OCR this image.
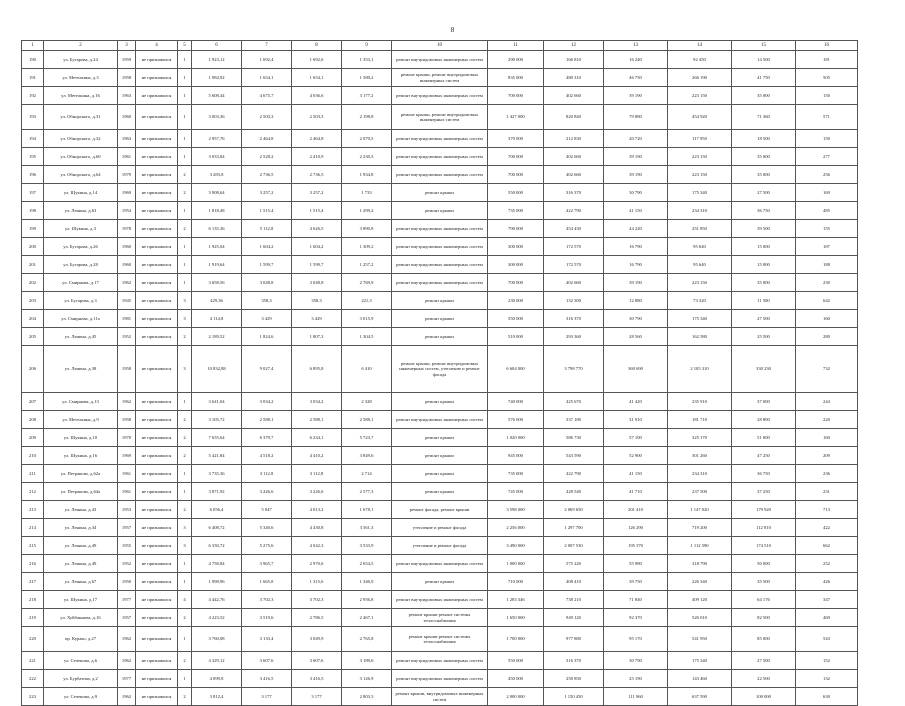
8
1	2	3	4	5	6	7	8	9	10	11	12	13	14	15	16
190	ул. Бугарова, д.24	1959	не признавался	1	1 923,12	1 692,4	1 692,6	1 353,1	ремонт внутридомовых инженерных систем	290 000	166 810	16 240	92 450	14 500	181
191	ул. Метелкина, д.3	1958	не признавался	1	1 984,92	1 654,1	1 654,1	1 580,2	ремонт крыши, ремонт внутридомовых инженерных систем	835 000	480 310	46 750	266 190	41 750	505
192	ул. Метелкина, д.16	1963	не признавался	1	5 608,44	4 675,7	4 036,6	3 177,2	ремонт внутридомовых инженерных систем	700 000	402 660	39 190	223 150	35 000	150
193	ул. Обнорского, д.31	1960	не признавался	1	3 003,36	2 503,3	2 503,3	2 198,8	ремонт крыши, ремонт внутридомовых инженерных систем	1 427 000	820 840	79 880	454 920	71 360	571
194	ул. Обнорского, д.32	1963	не признавался	1	2 957,76	2 464,8	2 464,8	2 070,5	ремонт внутридомовых инженерных систем	370 000	212 830	20 720	117 950	18 500	150
195	ул. Обнорского, д.60	1961	не признавался	1	3 033,84	2 528,2	2 410,9	2 230,3	ремонт внутридомовых инженерных систем	700 000	402 660	39 190	223 150	35 000	277
196	ул. Обнорского, д.64	1979	не признавался	2	3 283,8	2 736,5	2 736,5	1 934,8	ремонт внутридомовых инженерных систем	700 000	402 660	39 190	223 150	35 000	256
197	ул. Щукина, д.14	1969	не признавался	2	3 908,64	3 257,2	3 257,2	1 733	ремонт крыши	550 000	316 370	30 790	175 340	27 500	169
198	ул. Ленина, д.63	1954	не признавался	1	1 818,48	1 515,4	1 515,4	1 299,2	ремонт крыши	735 000	422 790	41 150	234 310	36 750	485
199	ул. Шукина, д.3	1978	не признавался	2	6 135,36	5 112,8	4 626,5	3 890,8	ремонт внутридомовых инженерных систем	790 000	454 430	44 220	251 850	39 500	155
200	ул. Бугарова, д.26	1960	не признавался	1	1 925,04	1 604,2	1 604,2	1 309,2	ремонт внутридомовых инженерных систем	300 000	172 570	16 790	95 640	15 000	187
201	ул. Бугарова, д.28	1960	не признавался	1	1 919,64	1 599,7	1 599,7	1 257,2	ремонт внутридомовых инженерных систем	300 000	172 570	16 790	95 640	15 000	188
202	ул. Смирнова, д.17	1962	не признавался	1	3 658,56	3 048,8	3 048,8	2 769,9	ремонт внутридомовых инженерных систем	700 000	402 660	39 190	223 150	35 000	230
203	ул. Бугарова, д.3	1945	не признавался	3	429,36	358,3	358,3	221,3	ремонт крыши	230 000	132 300	12 880	73 320	11 500	642
204	ул. Смирнова, д.11а	1981	не признавался	3	4 114,8	3 429	3 429	3 015,9	ремонт крыши	550 000	316 370	30 790	175 340	27 500	160
205	ул. Ленина, д.45	1952	не признавался	2	2 189,52	1 824,6	1 807,3	1 304,5	ремонт крыши	510 000	293 360	28 560	162 580	25 500	280
206	ул. Ленина, д.38	1958	не признавался	3	10 832,88	9 027,4	6 895,8	6 410	ремонт крыши, ремонт внутридомовых инженерных систем, утепление и ремонт фасада	6 604 000	3 798 770	369 690	2 105 310	330 230	732
207	ул. Смирнова, д.13	1962	не признавался	1	3 641,04	3 034,2	3 034,2	2 328	ремонт крыши	740 000	425 670	41 420	235 910	37 000	244
208	ул. Метелкина, д.9	1958	не признавался	2	3 105,72	2 588,1	2 588,1	2 588,1	ремонт внутридомовых инженерных систем	576 000	337 180	31 910	181 710	28 800	220
209	ул. Шукина, д.10	1970	не признавался	2	7 655,64	6 379,7	6 234,1	5 723,7	ремонт крыши	1 020 000	586 730	57 100	325 170	51 000	160
210	ул. Шукина, д.16	1969	не признавался	2	5 421,84	4 518,2	4 410,2	3 849,6	ремонт крыши	945 000	543 590	52 900	301 260	47 250	209
211	ул. Петракова, д.62а	1961	не признавался	1	3 735,36	3 112,8	3 112,8	2 714	ремонт крыши	735 000	422 790	41 150	234 310	36 750	236
212	ул. Петракова, д.64а	1961	не признавался	1	3 871,92	3 226,6	3 226,6	2 577,3	ремонт крыши	745 000	428 540	41 710	237 500	37 250	231
213	ул. Ленина, д.43	1953	не признавался	2	6 056,4	5 047	4 013,2	1 678,1	ремонт фасада, ремонт крыши	3 598 000	2 069 650	201 410	1 147 020	179 920	713
214	ул. Ленина, д.34	1957	не признавался	3	6 408,72	5 340,6	4 430,8	3 561,3	утепление и ремонт фасада	2 256 000	1 297 700	126 290	719 200	112 810	422
215	ул. Ленина, д.49	1955	не признавался	3	6 330,72	5 275,6	4 042,3	3 533,9	утепление и ремонт фасада	3 490 000	2 007 530	195 370	1 112 590	174 510	662
216	ул. Ленина, д.49	1952	не признавался	1	4 758,84	3 965,7	2 970,6	2 654,5	ремонт внутридомовых инженерных систем	1 000 000	575 220	55 980	318 790	50 000	252
217	ул. Ленина, д.67	1950	не признавался	1	1 998,96	1 665,8	1 315,6	1 346,9	ремонт крыши	710 000	408 410	39 750	226 340	35 500	426
218	ул. Шукина, д.17	1977	не признавался	4	4 442,76	3 702,3	3 702,3	2 956,8	ремонт внутридомовых инженерных систем	1 283 346	738 210	71 840	409 120	64 176	347
219	ул. Хуйбаннова, д.16	1957	не признавался	2	4 223,52	3 519,6	2 786,5	2 467,1	ремонт крыши ремонт системы теплоснабжения	1 650 000	949 120	92 370	526 010	82 500	469
220	пр. Курако, д.27	1962	не признавался	1	3 760,08	3 133,4	3 049,9	2 765,8	ремонт крыши ремонт системы теплоснабжения	1 700 000	977 880	95 170	541 950	85 000	543
221	ул. Сеченова, д.6	1962	не признавался	2	4 329,12	3 607,6	3 607,6	3 189,6	ремонт внутридомовых инженерных систем	550 000	316 370	30 790	175 340	27 500	152
222	ул. Бурбатова, д.2	1977	не признавался	1	4 099,8	3 416,5	3 416,5	3 126,9	ремонт внутридомовых инженерных систем	450 000	258 850	25 190	143 460	22 500	132
223	ул. Сеченова, д.9	1962	не признавался	2	3 812,4	3 177	3 177	2 803,3	ремонт крыши, внутридомовых инженерных систем	2 000 000	1 150 450	111 960	637 590	100 000	630
